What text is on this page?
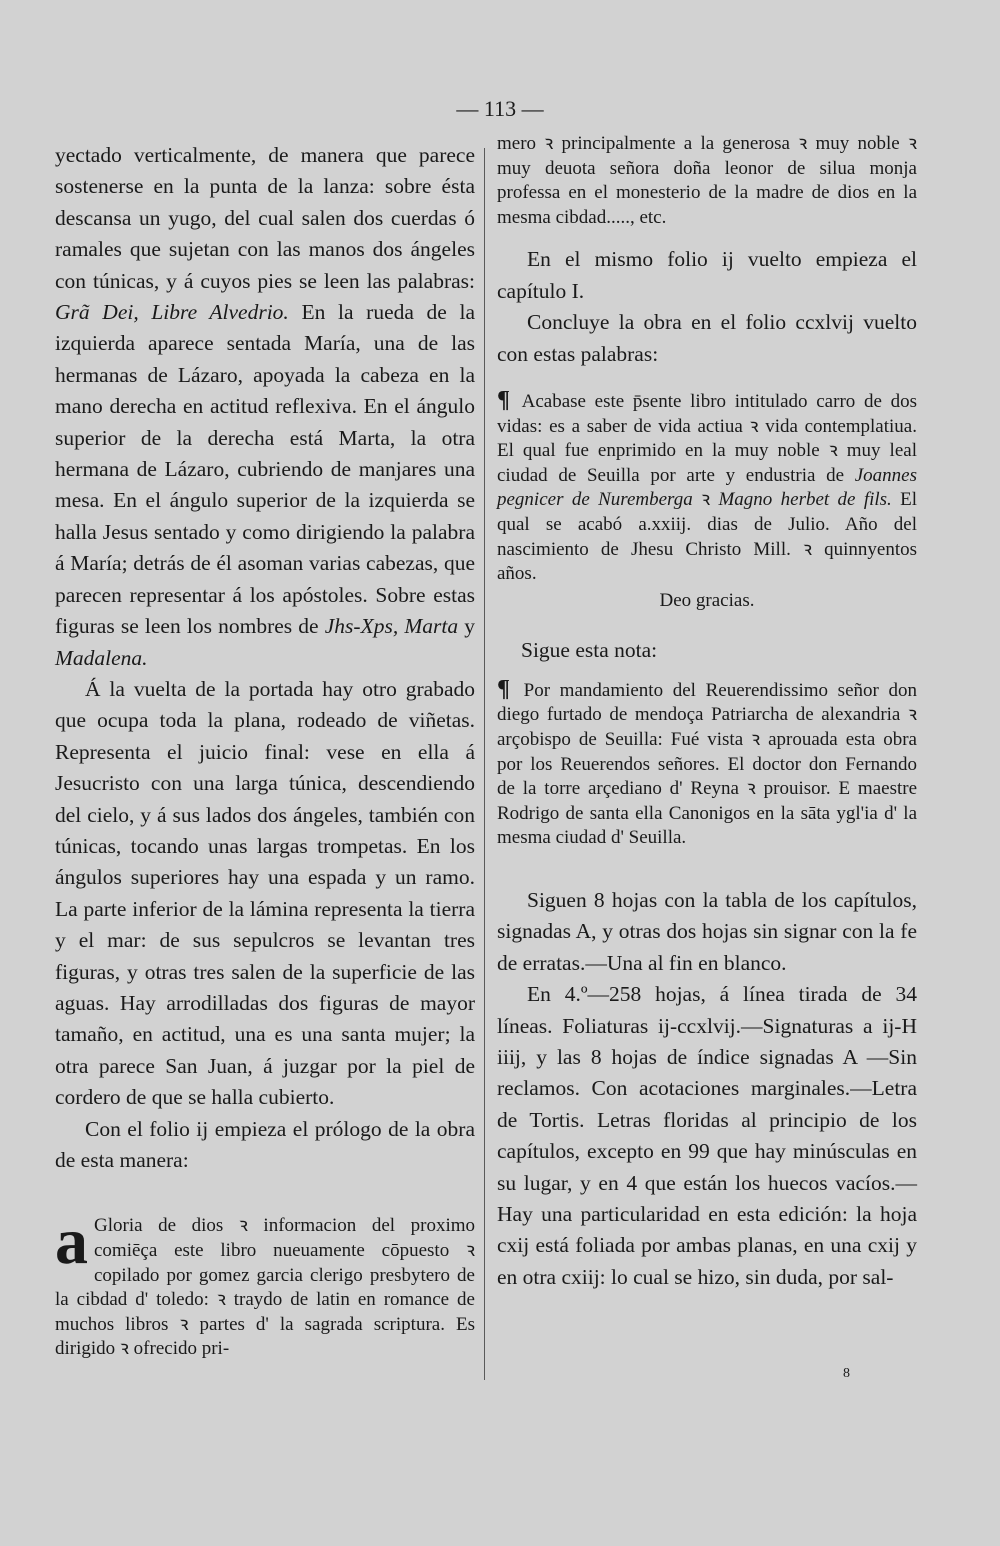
— 113 —

yectado verticalmente, de manera que parece sostenerse en la punta de la lanza: sobre ésta descansa un yugo, del cual salen dos cuerdas ó ramales que sujetan con las manos dos ángeles con túnicas, y á cuyos pies se leen las palabras: Grã Dei, Libre Alvedrio. En la rueda de la izquierda aparece sentada María, una de las hermanas de Lázaro, apoyada la cabeza en la mano derecha en actitud reflexiva. En el ángulo superior de la derecha está Marta, la otra hermana de Lázaro, cubriendo de manjares una mesa. En el ángulo superior de la izquierda se halla Jesus sentado y como dirigiendo la palabra á María; detrás de él asoman varias cabezas, que parecen representar á los apóstoles. Sobre estas figuras se leen los nombres de Jhs-Xps, Marta y Madalena.

Á la vuelta de la portada hay otro grabado que ocupa toda la plana, rodeado de viñetas. Representa el juicio final: vese en ella á Jesucristo con una larga túnica, descendiendo del cielo, y á sus lados dos ángeles, también con túnicas, tocando unas largas trompetas. En los ángulos superiores hay una espada y un ramo. La parte inferior de la lámina representa la tierra y el mar: de sus sepulcros se levantan tres figuras, y otras tres salen de la superficie de las aguas. Hay arrodilladas dos figuras de mayor tamaño, en actitud, una es una santa mujer; la otra parece San Juan, á juzgar por la piel de cordero de que se halla cubierto.

Con el folio ij empieza el prólogo de la obra de esta manera:

a Gloria de dios ꝛ informacion del proximo comiēça este libro nueuamente cōpuesto ꝛ copilado por gomez garcia clerigo presbytero de la cibdad d' toledo: ꝛ traydo de latin en romance de muchos libros ꝛ partes d' la sagrada scriptura. Es dirigido ꝛ ofrecido pri-

mero ꝛ principalmente a la generosa ꝛ muy noble ꝛ muy deuota señora doña leonor de silua monja professa en el monesterio de la madre de dios en la mesma cibdad....., etc.

En el mismo folio ij vuelto empieza el capítulo I.

Concluye la obra en el folio ccxlvij vuelto con estas palabras:

¶ Acabase este p̄sente libro intitulado carro de dos vidas: es a saber de vida actiua ꝛ vida contemplatiua. El qual fue enprimido en la muy noble ꝛ muy leal ciudad de Seuilla por arte y endustria de Joannes pegnicer de Nuremberga ꝛ Magno herbet de fils. El qual se acabó a.xxiij. dias de Julio. Año del nascimiento de Jhesu Christo Mill. ꝛ quinnyentos años.

Deo gracias.

Sigue esta nota:

¶ Por mandamiento del Reuerendissimo señor don diego furtado de mendoça Patriarcha de alexandria ꝛ arçobispo de Seuilla: Fué vista ꝛ aprouada esta obra por los Reuerendos señores. El doctor don Fernando de la torre arçediano d' Reyna ꝛ prouisor. E maestre Rodrigo de santa ella Canonigos en la sāta ygl'ia d' la mesma ciudad d' Seuilla.

Siguen 8 hojas con la tabla de los capítulos, signadas A, y otras dos hojas sin signar con la fe de erratas.—Una al fin en blanco.

En 4.º—258 hojas, á línea tirada de 34 líneas. Foliaturas ij-ccxlvij.—Signaturas a ij-H iiij, y las 8 hojas de índice signadas A —Sin reclamos. Con acotaciones marginales.—Letra de Tortis. Letras floridas al principio de los capítulos, excepto en 99 que hay minúsculas en su lugar, y en 4 que están los huecos vacíos.—Hay una particularidad en esta edición: la hoja cxij está foliada por ambas planas, en una cxij y en otra cxiij: lo cual se hizo, sin duda, por sal-

8
